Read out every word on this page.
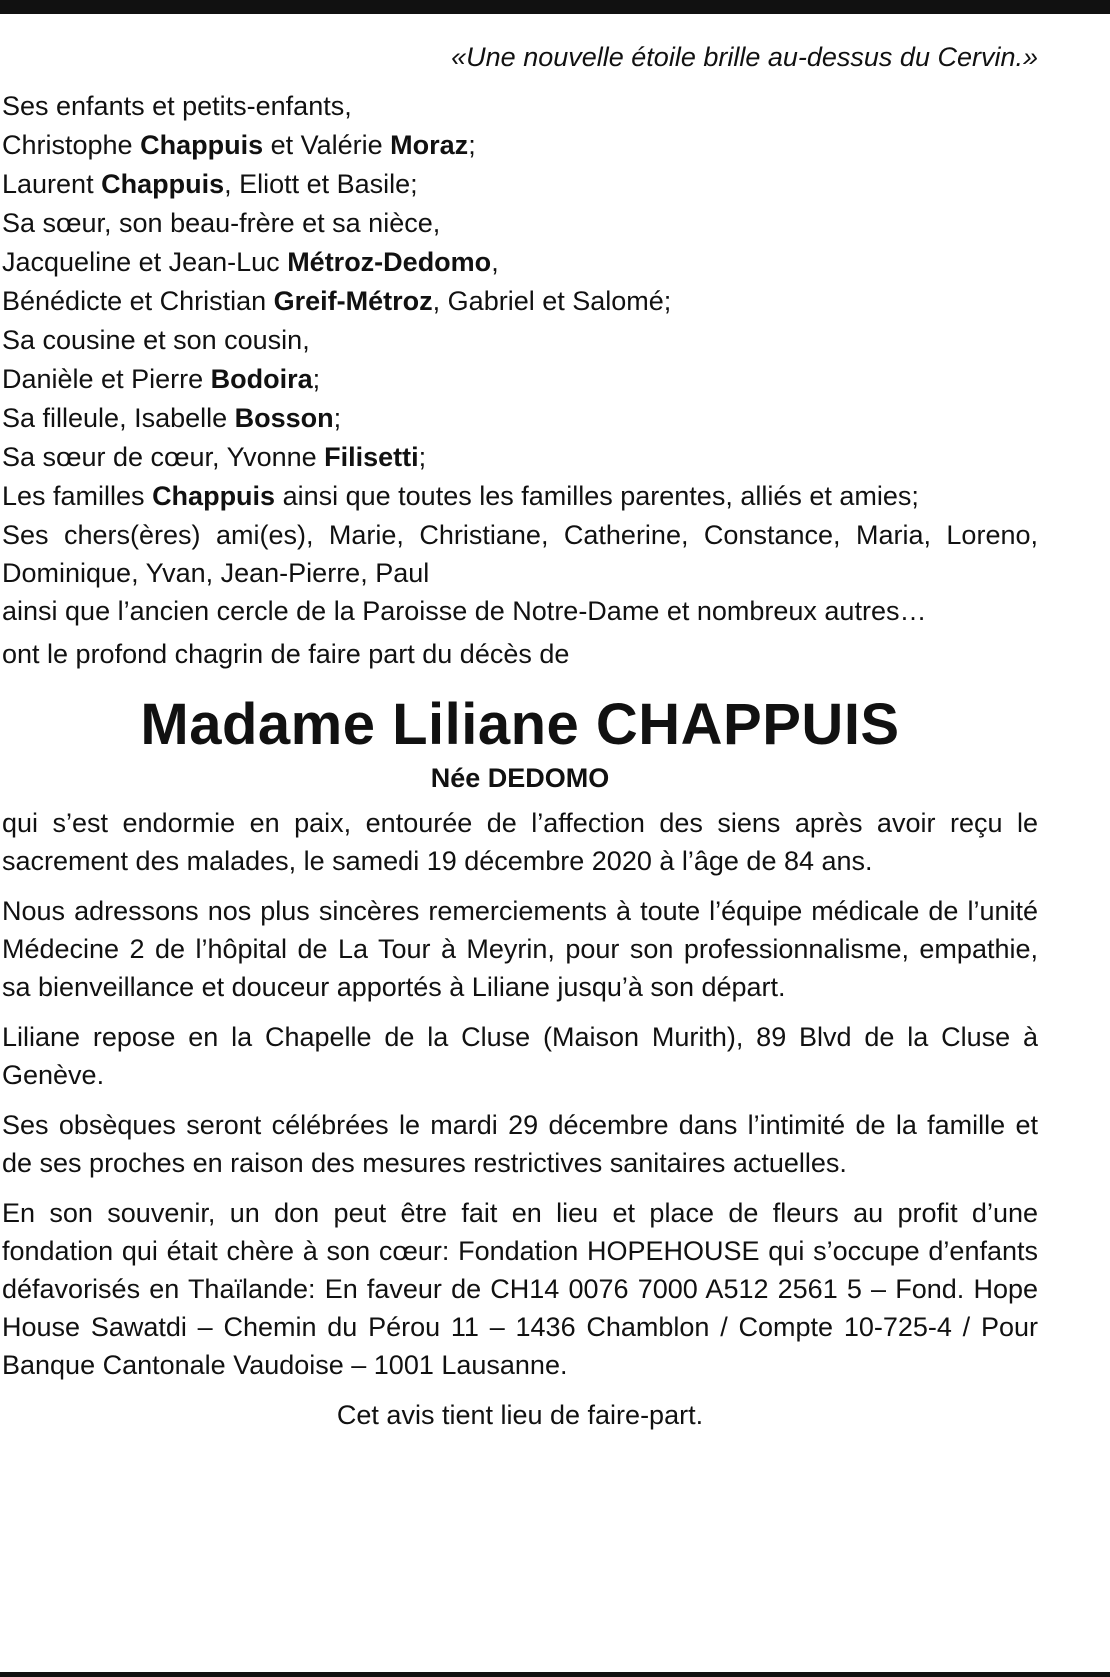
«Une nouvelle étoile brille au-dessus du Cervin.»

Ses enfants et petits-enfants,

Christophe Chappuis et Valérie Moraz;

Laurent Chappuis, Eliott et Basile;

Sa sœur, son beau-frère et sa nièce,

Jacqueline et Jean-Luc Métroz-Dedomo,

Bénédicte et Christian Greif-Métroz, Gabriel et Salomé;

Sa cousine et son cousin,

Danièle et Pierre Bodoira;

Sa filleule, Isabelle Bosson;

Sa sœur de cœur, Yvonne Filisetti;

Les familles Chappuis ainsi que toutes les familles parentes, alliés et amies;

Ses chers(ères) ami(es), Marie, Christiane, Catherine, Constance, Maria, Loreno, Dominique, Yvan, Jean-Pierre, Paul

ainsi que l’ancien cercle de la Paroisse de Notre-Dame et nombreux autres…

ont le profond chagrin de faire part du décès de

Madame Liliane CHAPPUIS
Née DEDOMO

qui s’est endormie en paix, entourée de l’affection des siens après avoir reçu le sacrement des malades, le samedi 19 décembre 2020 à l’âge de 84 ans.

Nous adressons nos plus sincères remerciements à toute l’équipe médicale de l’unité Médecine 2 de l’hôpital de La Tour à Meyrin, pour son professionnalisme, empathie, sa bienveillance et douceur apportés à Liliane jusqu’à son départ.

Liliane repose en la Chapelle de la Cluse (Maison Murith), 89 Blvd de la Cluse à Genève.

Ses obsèques seront célébrées le mardi 29 décembre dans l’intimité de la famille et de ses proches en raison des mesures restrictives sanitaires actuelles.

En son souvenir, un don peut être fait en lieu et place de fleurs au profit d’une fondation qui était chère à son cœur: Fondation HOPEHOUSE qui s’occupe d’enfants défavorisés en Thaïlande: En faveur de CH14 0076 7000 A512 2561 5 – Fond. Hope House Sawatdi – Chemin du Pérou 11 – 1436 Chamblon / Compte 10-725-4 / Pour Banque Cantonale Vaudoise – 1001 Lausanne.

Cet avis tient lieu de faire-part.
